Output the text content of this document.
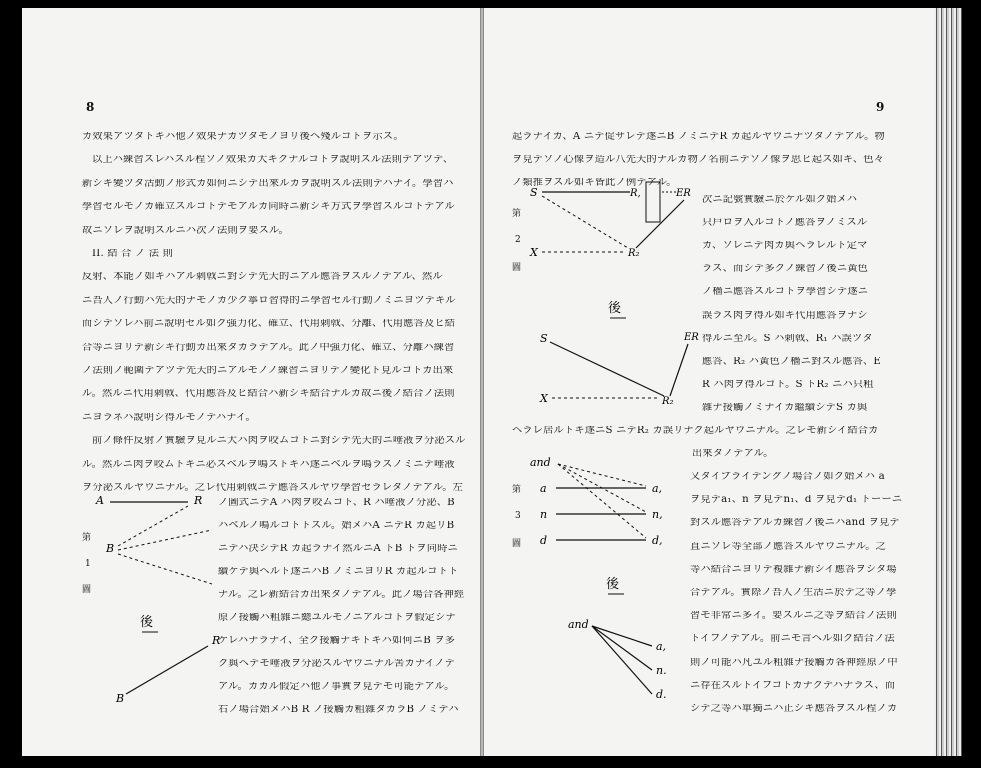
8
カ效果アツタトキハ他ノ效果ナカツタモノヨリ後ヘ殘ルコトヲ示ス。
以上ハ練習スレハスル程ソノ效果カ大キクナルコトヲ說明スル法則テアツテ、
新シキ變ツタ活動ノ形式カ如何ニシテ出來ルカヲ說明スル法則テハナイ。學習ハ
學習セルモノカ確立スルコトテモアルカ同時ニ新シキ方式ヲ學習スルコトテアル
故ニソレヲ說明スルニハ次ノ法則ヲ要スル。
II. 結 合 ノ 法 則
反射、本能ノ如キハアル刺戟ニ對シテ先天的ニアル應答ヲスルノテアル、然ル
ニ吾人ノ行動ハ先天的ナモノカ少ク寧ロ習得的ニ學習セル行動ノミニヨツテキル
而シテソレハ前ニ說明セル如ク强力化、確立、代用刺戟、分離、代用應答及ヒ結
合等ニヨリテ新シキ行動カ出來タカラテアル。此ノ中强力化、確立、分離ハ練習
ノ法則ノ範圍テアツテ先天的ニアルモノノ練習ニヨリテノ變化ト見ルコトカ出來
ル。然ルニ代用刺戟、代用應答及ヒ結合ハ新シキ結合ナルカ故ニ後ノ結合ノ法則
ニヨラネハ說明シ得ルモノテハナイ。
前ノ條件反射ノ實驗ヲ見ルニ犬ハ肉ヲ咬ムコトニ對シテ先天的ニ唾液ヲ分泌スル
ル。然ルニ肉ヲ咬ムトキニ必スベルヲ鳴ストキハ遂ニベルヲ鳴ラスノミニテ唾液
ヲ分泌スルヤウニナル。之レ代用刺戟ニテ應答スルヤウ學習セラレタノテアル。左
ノ圖式ニテA ハ肉ヲ咬ムコト、R ハ唾液ノ分泌、B
ハベルノ鳴ルコトトスル。始メハA ニテR カ起リB
ニテハ決シテR カ起ラナイ然ルニA トB トヲ同時ニ
續ケテ與ヘルト遂ニハB ノミニヨリR カ起ルコトト
ナル。之レ新結合カ出來タノテアル。此ノ場合各神經
原ノ接觸ハ粗雜ニ總ユルモノニアルコトヲ假定シナ
ケレハナラナイ、全ク接觸ナキトキハ如何ニB ヲ多
ク與ヘテモ唾液ヲ分泌スルヤウニナル筈カナイノテ
アル。カカル假定ハ他ノ事實ヲ見テモ可能テアル。
右ノ場合始メハB R ノ接觸カ粗雜タカラB ノミテハ
第
1
圖
A	R
B
後
R
B
9
起ラナイカ、A ニテ促サレテ遂ニB ノミニテR カ起ルヤウニナツタノテアル。物
ヲ見テソノ心像ヲ造ル八先天的ナルカ物ノ名前ニテソノ像ヲ思ヒ起ス如キ、色々
ノ類推ヲスル如キ皆此ノ例テアル。
次ニ記號實驗ニ於ケル如ク始メハ
只戶ロヲ入ルコトノ應答ヲノミスル
カ、ソレニテ肉カ與ヘラレルト定マ
ラス、而シテ多クノ練習ノ後ニ黃色
ノ檣ニ應答スルコトヲ學習シテ遂ニ
誤ラス肉ヲ得ル如キ代用應答ヲナシ
得ルニ至ル。S ハ刺戟、R₁ ハ誤ツタ
應答、R₂ ハ黃色ノ檣ニ對スル應答、E
R ハ肉ヲ得ルコト。S トR₂ ニハ只粗
雜ナ接觸ノミナイカ繼續シテS カ與
ヘラレ居ルトキ遂ニS ニテR₂ カ誤リナク起ルヤウニナル。之レモ新シイ結合カ
出來タノテアル。
又タイプライテングノ場合ノ如ク始メハ a
ヲ見テa₁、n ヲ見テn₁、d ヲ見テd₁ トーーニ
對スル應答テアルカ練習ノ後ニハand ヲ見テ
直ニソレ等全部ノ應答スルヤウニナル。之
等ハ結合ニヨリテ複雜ナ新シイ應答ヲシタ場
合テアル。實際ノ吾人ノ生活ニ於テ之等ノ學
習モ非常ニ多イ。要スルニ之等ヲ結合ノ法則
トイフノテアル。前ニモ言ヘル如ク結合ノ法
則ノ可能ハ凡ユル粗雜ナ接觸カ各神經原ノ中
ニ存在スルトイフコトカナクテハナラス、而
シテ之等ハ單獨ニハ正シキ應答ヲスル程ノカ
第
2
圖
S	R,	ER
X	R₂
後
S	ER
X	R₂
第
3
圖
and
a
n
d
a,
n,
d,
後
and
a,
n.
d.
